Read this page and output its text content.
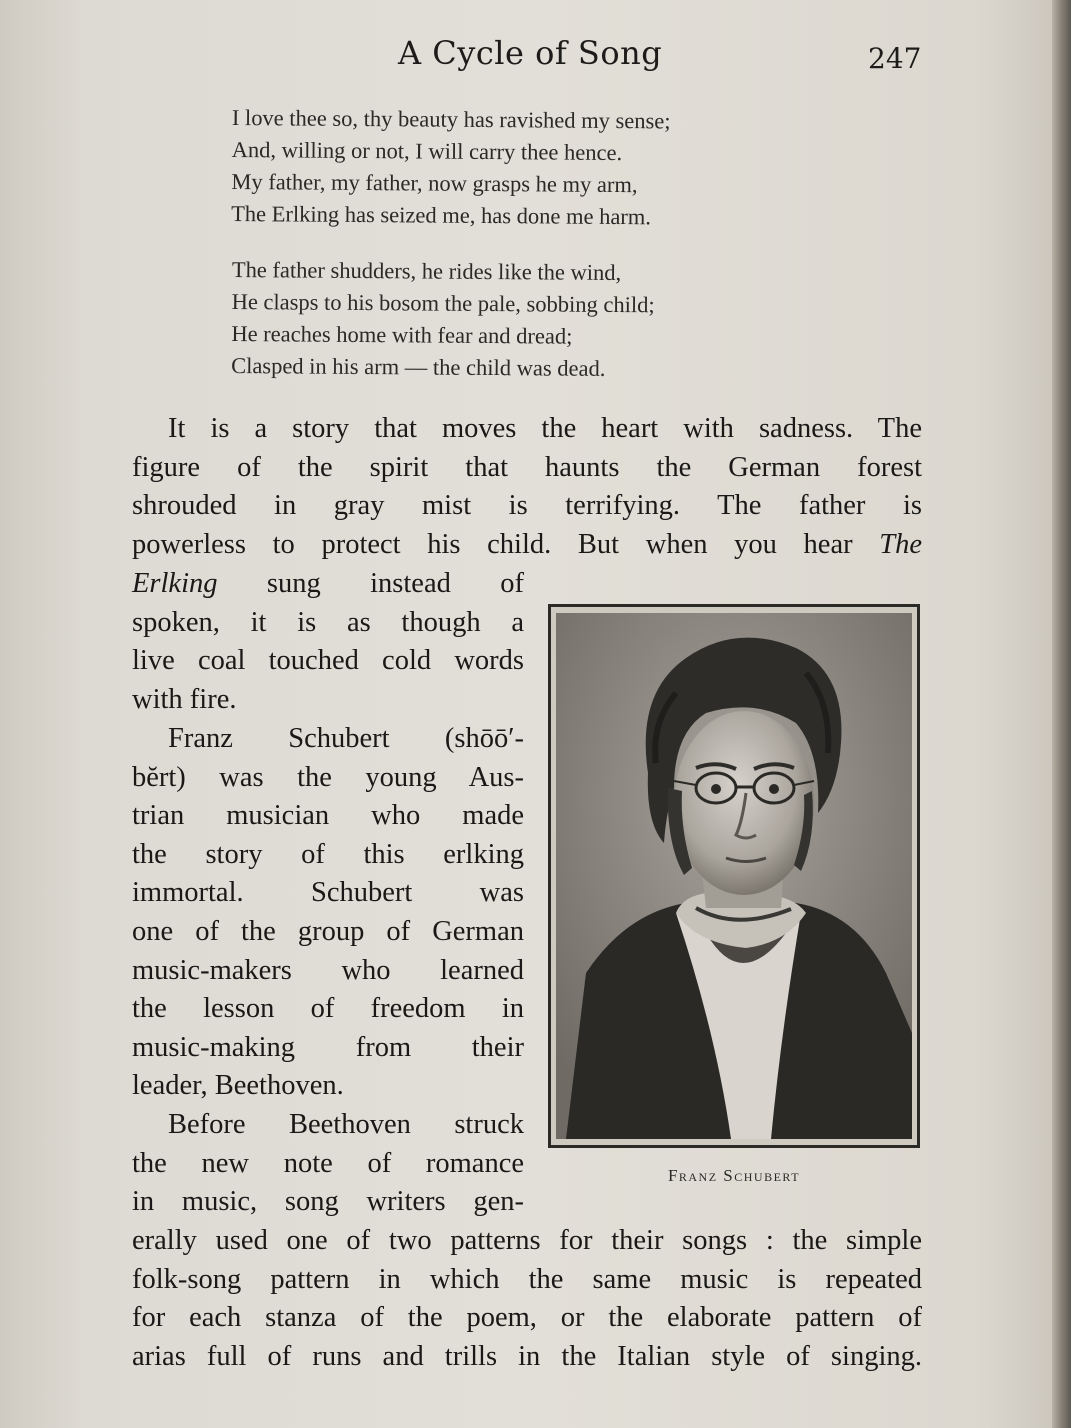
A Cycle of Song	247
I love thee so, thy beauty has ravished my sense;
And, willing or not, I will carry thee hence.
My father, my father, now grasps he my arm,
The Erlking has seized me, has done me harm.
The father shudders, he rides like the wind,
He clasps to his bosom the pale, sobbing child;
He reaches home with fear and dread;
Clasped in his arm — the child was dead.
It is a story that moves the heart with sadness. The
figure of the spirit that haunts the German forest
shrouded in gray mist is terrifying. The father is
powerless to protect his child. But when you hear The
Erlking sung instead of
spoken, it is as though a
live coal touched cold words
with fire.
Franz Schubert (shōō′-
bĕrt) was the young Aus-
trian musician who made
the story of this erlking
immortal. Schubert was
one of the group of German
music-makers who learned
the lesson of freedom in
music-making from their
leader, Beethoven.
Before Beethoven struck
the new note of romance
in music, song writers gen-
erally used one of two patterns for their songs : the simple
folk-song pattern in which the same music is repeated
for each stanza of the poem, or the elaborate pattern of
arias full of runs and trills in the Italian style of singing.
Franz Schubert
